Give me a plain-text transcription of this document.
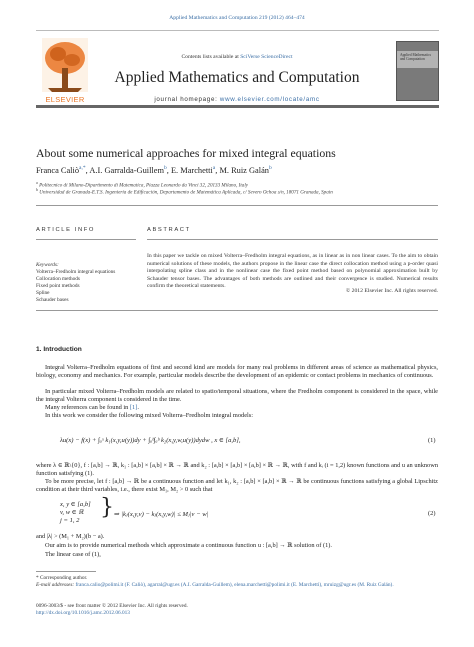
Applied Mathematics and Computation 219 (2012) 464–474
ELSEVIER
Contents lists available at SciVerse ScienceDirect
Applied Mathematics and Computation
journal homepage: www.elsevier.com/locate/amc
Applied Mathematics and Computation
About some numerical approaches for mixed integral equations
Franca Caliò$^{a,*}$, A.I. Garralda-Guillem$^b$, E. Marchetti$^a$, M. Ruiz Galán$^b$
$^a$ Politecnico di Milano-Dipartimento di Matematica, Piazza Leonardo da Vinci 32, 20133 Milano, Italy
$^b$ Universidad de Granada-E.T.S. Ingeniería de Edificación, Departamento de Matemática Aplicada, c/ Severo Ochoa s/n, 18071 Granada, Spain
ARTICLE INFO
Keywords:
Volterra–Fredholm integral equations
Collocation methods
Fixed point methods
Spline
Schauder bases
ABSTRACT
In this paper we tackle on mixed Volterra–Fredholm integral equations, as in linear as in non linear cases. To the aim to obtain numerical solutions of these models, the authors propose in the linear case the direct collocation method using a p-order quasi interpolating spline class and in the nonlinear case the fixed point method based on polynomial approximation built by Schauder tensor bases. The advantages of both methods are outlined and their convergence is studied. Numerical results confirm the theoretical statements.
© 2012 Elsevier Inc. All rights reserved.
1. Introduction
Integral Volterra–Fredholm equations of first and second kind are models for many real problems in different areas of science as mathematical physics, biology, economy and mechanics. For example, particular models describe the development of an epidemic or contact problems in mechanics of continuous.
In particular mixed Volterra–Fredholm models are related to spatio/temporal situations, where the Fredholm component is considered in the space, while the integral Volterra component is considered in the time.
Many references can be found in [1].
In this work we consider the following mixed Volterra–Fredholm integral models:
λu(x) − f(x) + ∫ₐˣ k₁(x,y,u(y))dy + ∫ₐᵇ∫ₐᵇ k₂(x,y,w,u(y))dydw , x ∈ [a,b],	(1)
where λ ∈ ℝ\{0}, f : [a,b] → ℝ, k₁ : [a,b] × [a,b] × ℝ → ℝ and k₂ : [a,b] × [a,b] × [a,b] × ℝ → ℝ, with f and kᵢ (i = 1,2) known functions and u an unknown function satisfying (1).
To be more precise, let f : [a,b] → ℝ be a continuous function and let k₁, k₂ : [a,b] × [a,b] × ℝ → ℝ be continuous functions satisfying a global Lipschitz condition at their third variables, i.e., there exist M₁, M₂ > 0 such that
x, y ∈ [a,b]
v, w ∈ ℝ
j = 1, 2
} ⇒ |kⱼ(x,y,v) − kⱼ(x,y,w)| ≤ Mⱼ|v − w|	(2)
and |λ| > (M₁ + M₂)(b − a).
Our aim is to provide numerical methods which approximate a continuous function u : [a,b] → ℝ solution of (1).
The linear case of (1),
* Corresponding author.
E-mail addresses: franca.calio@polimi.it (F. Caliò), agarral@ugr.es (A.I. Garralda-Guillem), elena.marchetti@polimi.it (E. Marchetti), mruizg@ugr.es (M. Ruiz Galán).
0096-3003/$ - see front matter © 2012 Elsevier Inc. All rights reserved.
http://dx.doi.org/10.1016/j.amc.2012.06.013
